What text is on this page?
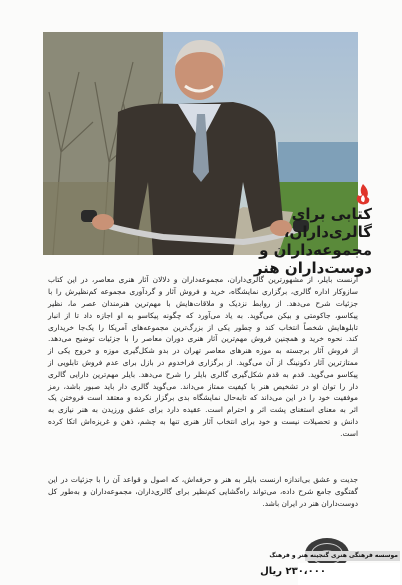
کتابی برای
گالری‌داران،
مجموعه‌داران و
دوست‌داران هنر

ارنست بایلر، از مشهورترین گالری‌داران، مجموعه‌داران و دلالان آثار هنری معاصر، در این کتاب سازوکار اداره گالری، برگزاری نمایشگاه، خرید و فروش آثار و گردآوری مجموعه کم‌نظیرش را با جزئیات شرح می‌دهد. از روابط نزدیک و ملاقات‌هایش با مهم‌ترین هنرمندان عصر ما، نظیر پیکاسو، جاکومتی و بیکن می‌گوید. به یاد می‌آورد که چگونه پیکاسو به او اجازه داد تا از انبار تابلوهایش شخصاً انتخاب کند و چطور یکی از بزرگ‌ترین مجموعه‌های آمریکا را یک‌جا خریداری کند. نحوه خرید و همچنین فروش مهم‌ترین آثار هنری دوران معاصر را با جزئیات توضیح می‌دهد. از فروش آثار برجسته به موزه هنرهای معاصر تهران در بدو شکل‌گیری موزه و خروج یکی از ممتازترین آثار دکونینگ از آن می‌گوید. از برگزاری فراخدوم در بازل برای عدم فروش تابلویی از پیکاسو می‌گوید. قدم به قدم شکل‌گیری گالری بایلر را شرح می‌دهد. بایلر مهم‌ترین دارایی گالری دار را توان او در تشخیص هنر با کیفیت ممتاز می‌داند. می‌گوید گالری دار باید صبور باشد، رمز موفقیت خود را در این می‌داند که تابه‌حال نمایشگاه بدی برگزار نکرده و معتقد است فروختن یک اثر به معنای استغنای پشت اثر و احترام است. عقیده دارد برای عشق ورزیدن به هنر نیازی به دانش و تحصیلات نیست و خود برای انتخاب آثار هنری تنها به چشم، ذهن و غریزه‌اش اتکا کرده است.

جدیت و عشق بی‌اندازه ارنست بایلر به هنر و حرفه‌اش، که اصول و قواعد آن را با جزئیات در این گفتگوی جامع شرح داده، می‌تواند راه‌گشایی کم‌نظیر برای گالری‌داران، مجموعه‌داران و به‌طور کل دوست‌داران هنر در ایران باشد.

موسسه فرهنگی هنری گنجینه هنر و فرهنگ
۲۳۰،۰۰۰ ریال
